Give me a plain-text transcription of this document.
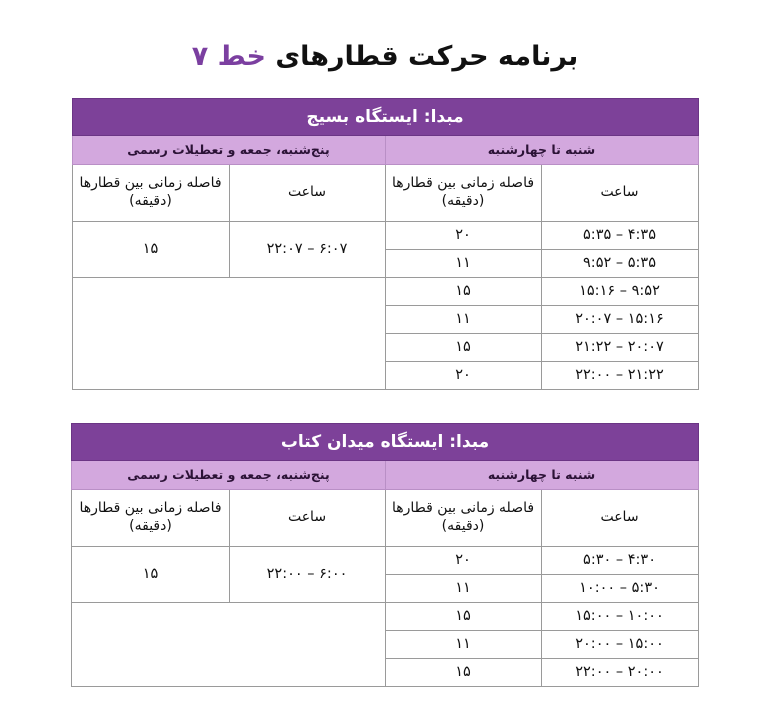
برنامه حرکت قطارهای خط ۷
مبدا: ایستگاه بسیج			
شنبه تا چهارشنبه		پنج‌شنبه، جمعه و تعطیلات رسمی	
ساعت	فاصله زمانی بین قطارها
(دقیقه)	ساعت	فاصله زمانی بین قطارها
(دقیقه)
۴:۳۵ – ۵:۳۵	۲۰	۶:۰۷ – ۲۲:۰۷	۱۵
۵:۳۵ – ۹:۵۲	۱۱		
۹:۵۲ – ۱۵:۱۶	۱۵		
۱۵:۱۶ – ۲۰:۰۷	۱۱		
۲۰:۰۷ – ۲۱:۲۲	۱۵		
۲۱:۲۲ – ۲۲:۰۰	۲۰		
مبدا: ایستگاه میدان کتاب			
شنبه تا چهارشنبه		پنج‌شنبه، جمعه و تعطیلات رسمی	
ساعت	فاصله زمانی بین قطارها
(دقیقه)	ساعت	فاصله زمانی بین قطارها
(دقیقه)
۴:۳۰ – ۵:۳۰	۲۰	۶:۰۰ – ۲۲:۰۰	۱۵
۵:۳۰ – ۱۰:۰۰	۱۱		
۱۰:۰۰ – ۱۵:۰۰	۱۵		
۱۵:۰۰ – ۲۰:۰۰	۱۱		
۲۰:۰۰ – ۲۲:۰۰	۱۵		
